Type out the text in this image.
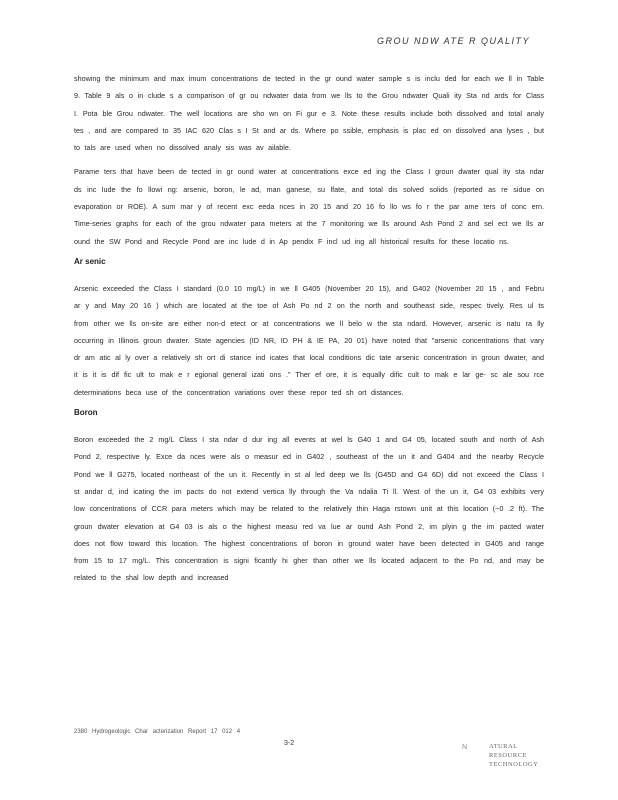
GROU NDW ATE R QUALITY

showing the minimum and max imum concentrations de tected in the gr ound water sample s is inclu ded for each we ll in Table 9. Table 9 als o in clude s a comparison of gr ou ndwater data from we lls to the Grou ndwater Quali ity Sta nd ards for Class I. Pota ble Grou ndwater. The well locations are sho wn on Fi gur e 3. Note these results include both dissolved and total analy tes , and are compared to 35 IAC 620 Clas s I St and ar ds. Where po ssible, emphasis is plac ed on dissolved ana lyses , but to tals are used when no dissolved analy sis was av ailable.

Parame ters that have been de tected in gr ound water at concentrations exce ed ing the Class I groun dwater qual ity sta ndar ds inc lude the fo llowi ng: arsenic, boron, le ad, man ganese, su lfate, and total dis solved solids (reported as re sidue on evaporation or ROE). A sum mar y of recent exc eeda nces in 20 15 and 20 16 fo llo ws fo r the par ame ters of conc ern. Time-series graphs for each of the grou ndwater para meters at the 7 monitoring we lls around Ash Pond 2 and sel ect we lls ar ound the SW Pond and Recycle Pond are inc lude d in Ap pendix F incl ud ing all historical results for these locatio ns.

Ar senic

Arsenic exceeded the Class I standard (0.0 10 mg/L) in we ll G405 (November 20 15), and G402 (November 20 15 , and Febru ar y and May 20 16 ) which are located at the toe of Ash Po nd 2 on the north and southeast side, respec tively. Res ul ts from other we lls on-site are either non-d etect or at concentrations we ll belo w the sta ndard. However, arsenic is natu ra lly occurring in Illinois groun dwater. State agencies (ID NR, ID PH & IE PA, 20 01) have noted that "arsenic concentrations that vary dr am atic al ly over a relatively sh ort di stance ind icates that local conditions dic tate arsenic concentration in groun dwater, and it is it is dif fic ult to mak e r egional general izati ons ." Ther ef ore, it is equally dific cult to mak e lar ge- sc ale sou rce determinations beca use of the concentration variations over these repor ted sh ort distances.

Boron

Boron exceeded the 2 mg/L Class I sta ndar d dur ing all events at wel ls G40 1 and G4 05, located south and north of Ash Pond 2, respective ly. Exce da nces were als o measur ed in G402 , southeast of the un it and G404 and the nearby Recycle Pond we ll G275, located northeast of the un it. Recently in st al led deep we lls (G45D and G4 6D) did not exceed the Class I st andar d, ind icating the im pacts do not extend vertica lly through the Va ndalia Ti ll. West of the un it, G4 03 exhibits very low concentrations of CCR para meters which may be related to the relatively thin Haga rstown unit at this location (~0 .2 ft). The groun dwater elevation at G4 03 is als o the highest measu red va lue ar ound Ash Pond 2, im plyin g the im pacted water does not flow toward this location. The highest concentrations of boron in ground water have been detected in G405 and range from 15 to 17 mg/L. This concentration is signi ficantly hi gher than other we lls located adjacent to the Po nd, and may be related to the shal low depth and increased

2380 Hydrogeologic Char acterization Report 17 012 4
3-2
N	ATURAL
RESOURCE
TECHNOLOGY
